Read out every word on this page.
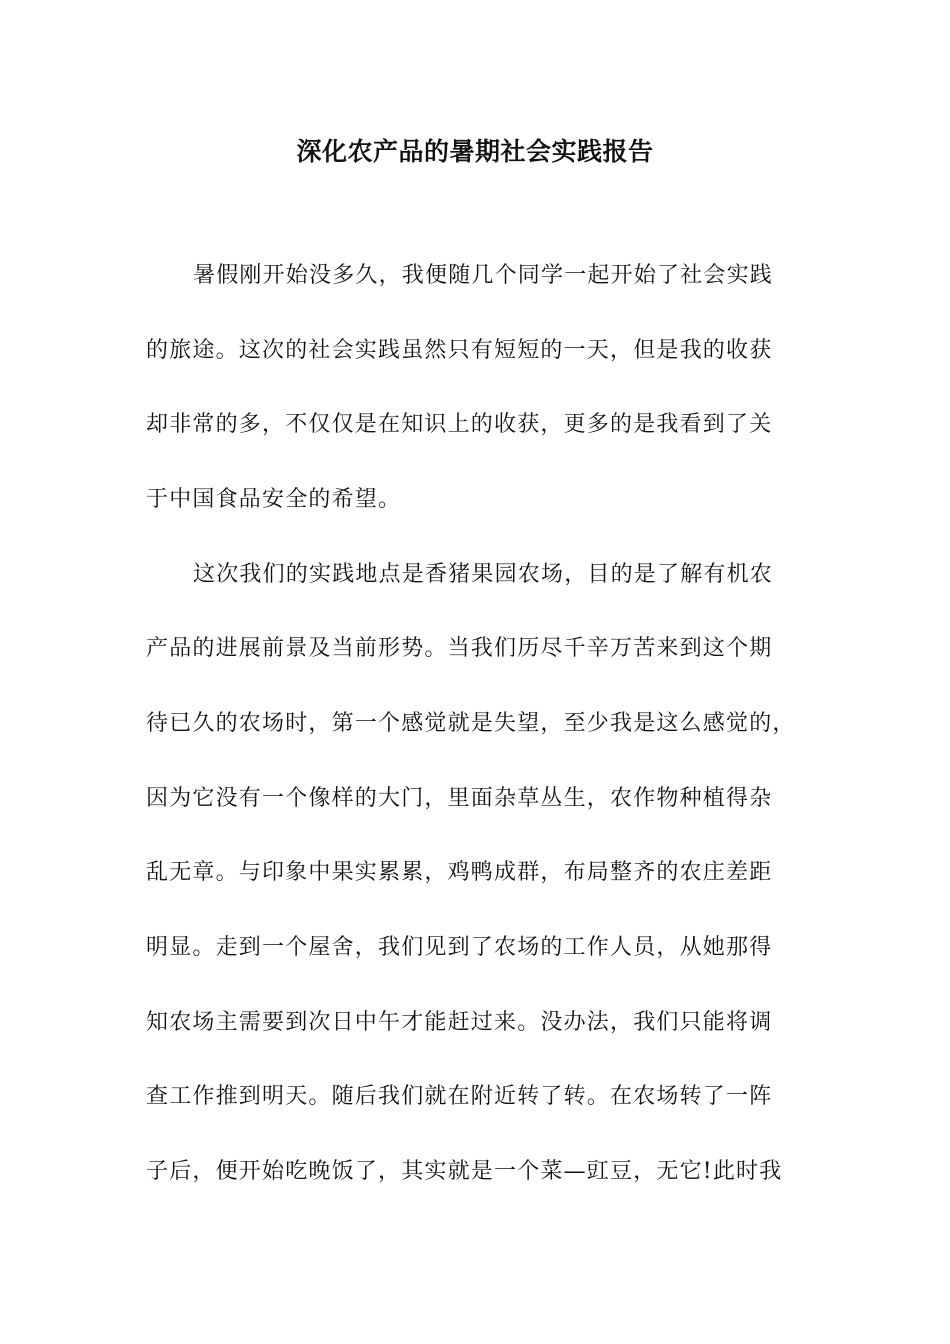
深化农产品的暑期社会实践报告
暑假刚开始没多久，我便随几个同学一起开始了社会实践
的旅途。这次的社会实践虽然只有短短的一天，但是我的收获
却非常的多，不仅仅是在知识上的收获，更多的是我看到了关
于中国食品安全的希望。
这次我们的实践地点是香猪果园农场，目的是了解有机农
产品的进展前景及当前形势。当我们历尽千辛万苦来到这个期
待已久的农场时，第一个感觉就是失望，至少我是这么感觉的，
因为它没有一个像样的大门，里面杂草丛生，农作物种植得杂
乱无章。与印象中果实累累，鸡鸭成群，布局整齐的农庄差距
明显。走到一个屋舍，我们见到了农场的工作人员，从她那得
知农场主需要到次日中午才能赶过来。没办法，我们只能将调
查工作推到明天。随后我们就在附近转了转。在农场转了一阵
子后，便开始吃晚饭了，其实就是一个菜—豇豆，无它!此时我
